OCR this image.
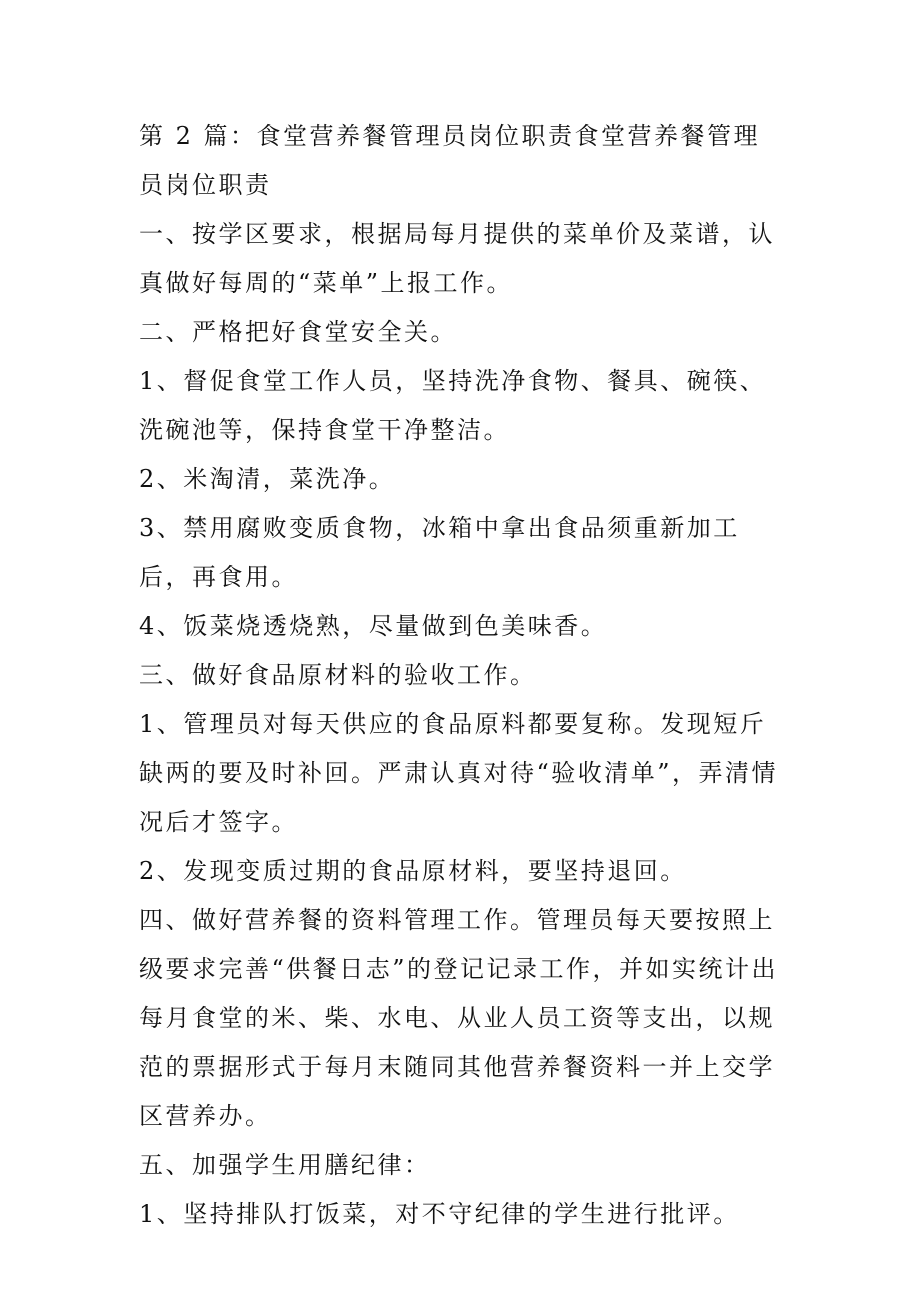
第 2 篇：食堂营养餐管理员岗位职责食堂营养餐管理员岗位职责

一、按学区要求，根据局每月提供的菜单价及菜谱，认真做好每周的“菜单”上报工作。

二、严格把好食堂安全关。

1、督促食堂工作人员，坚持洗净食物、餐具、碗筷、洗碗池等，保持食堂干净整洁。

2、米淘清，菜洗净。

3、禁用腐败变质食物，冰箱中拿出食品须重新加工后，再食用。

4、饭菜烧透烧熟，尽量做到色美味香。

三、做好食品原材料的验收工作。

1、管理员对每天供应的食品原料都要复称。发现短斤缺两的要及时补回。严肃认真对待“验收清单”，弄清情况后才签字。

2、发现变质过期的食品原材料，要坚持退回。

四、做好营养餐的资料管理工作。管理员每天要按照上级要求完善“供餐日志”的登记记录工作，并如实统计出每月食堂的米、柴、水电、从业人员工资等支出，以规范的票据形式于每月末随同其他营养餐资料一并上交学区营养办。

五、加强学生用膳纪律：

1、坚持排队打饭菜，对不守纪律的学生进行批评。
